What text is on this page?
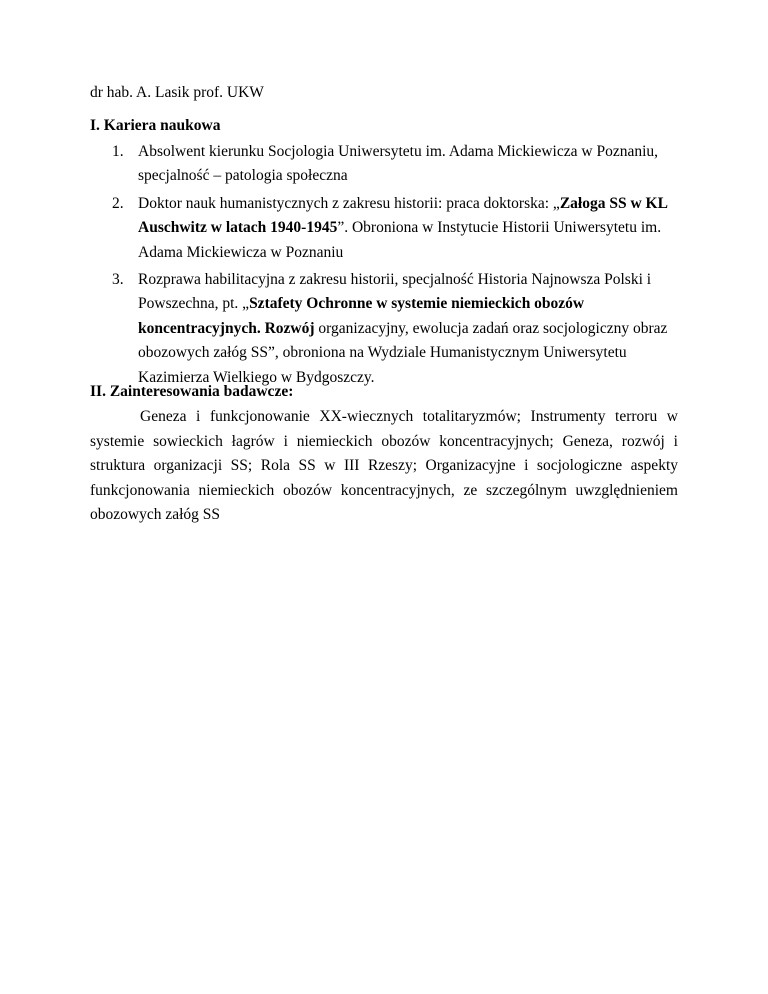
dr hab. A. Lasik prof. UKW
I. Kariera naukowa
1. Absolwent kierunku Socjologia Uniwersytetu im. Adama Mickiewicza w Poznaniu, specjalność – patologia społeczna
2. Doktor nauk humanistycznych z zakresu historii: praca doktorska: „Załoga SS w KL Auschwitz w latach 1940-1945”. Obroniona w Instytucie Historii Uniwersytetu im. Adama Mickiewicza w Poznaniu
3. Rozprawa habilitacyjna z zakresu historii, specjalność Historia Najnowsza Polski i Powszechna, pt. „Sztafety Ochronne w systemie niemieckich obozów koncentracyjnych. Rozwój organizacyjny, ewolucja zadań oraz socjologiczny obraz obozowych załóg SS”, obroniona na Wydziale Humanistycznym Uniwersytetu Kazimierza Wielkiego w Bydgoszczy.
II. Zainteresowania badawcze:

Geneza i funkcjonowanie XX-wiecznych totalitaryzmów; Instrumenty terroru w systemie sowieckich łagrów i niemieckich obozów koncentracyjnych; Geneza, rozwój i struktura organizacji SS; Rola SS w III Rzeszy; Organizacyjne i socjologiczne aspekty funkcjonowania niemieckich obozów koncentracyjnych, ze szczególnym uwzględnieniem obozowych załóg SS
